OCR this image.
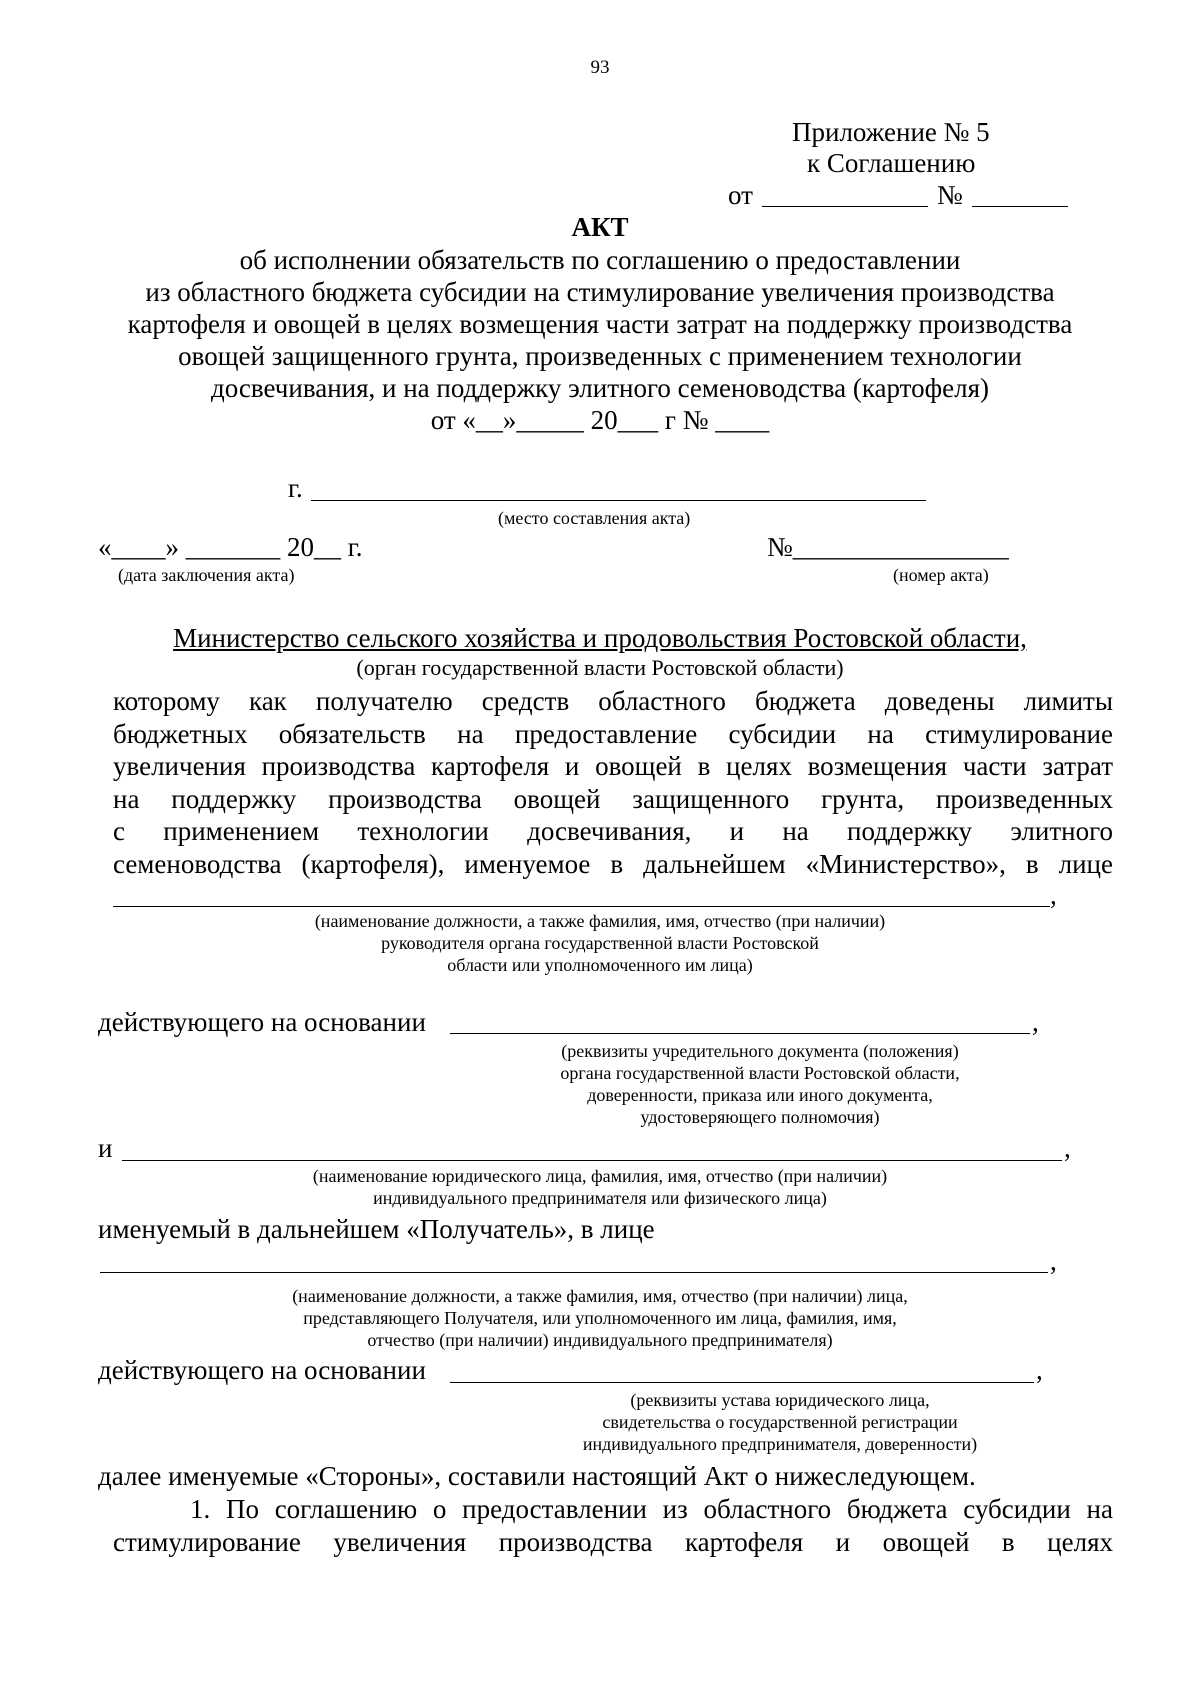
93
Приложение № 5
к Соглашению
от	№
АКТ
об исполнении обязательств по соглашению о предоставлении
из областного бюджета субсидии на стимулирование увеличения производства
картофеля и овощей в целях возмещения части затрат на поддержку производства
овощей защищенного грунта, произведенных с применением технологии
досвечивания, и на поддержку элитного семеноводства (картофеля)
от «__»_____ 20___ г № ____
г.
(место составления акта)
«____» _______ 20__ г.
(дата заключения акта)
№________________
(номер акта)
Министерство сельского хозяйства и продовольствия Ростовской области,
(орган государственной власти Ростовской области)
которому как получателю средств областного бюджета доведены лимиты
бюджетных обязательств на предоставление субсидии на стимулирование
увеличения производства картофеля и овощей в целях возмещения части затрат
на поддержку производства овощей защищенного грунта, произведенных
с применением технологии досвечивания, и на поддержку элитного
семеноводства (картофеля), именуемое в дальнейшем «Министерство», в лице
,
(наименование должности, а также фамилия, имя, отчество (при наличии)
руководителя органа государственной власти Ростовской
области или уполномоченного им лица)
действующего на основании	,
(реквизиты учредительного документа (положения)
органа государственной власти Ростовской области,
доверенности, приказа или иного документа,
удостоверяющего полномочия)
и	,
(наименование юридического лица, фамилия, имя, отчество (при наличии)
индивидуального предпринимателя или физического лица)
именуемый в дальнейшем «Получатель», в лице
,
(наименование должности, а также фамилия, имя, отчество (при наличии) лица,
представляющего Получателя, или уполномоченного им лица, фамилия, имя,
отчество (при наличии) индивидуального предпринимателя)
действующего на основании	,
(реквизиты устава юридического лица,
свидетельства о государственной регистрации
индивидуального предпринимателя, доверенности)
далее именуемые «Стороны», составили настоящий Акт о нижеследующем.
1. По соглашению о предоставлении из областного бюджета субсидии на
стимулирование увеличения производства картофеля и овощей в целях
